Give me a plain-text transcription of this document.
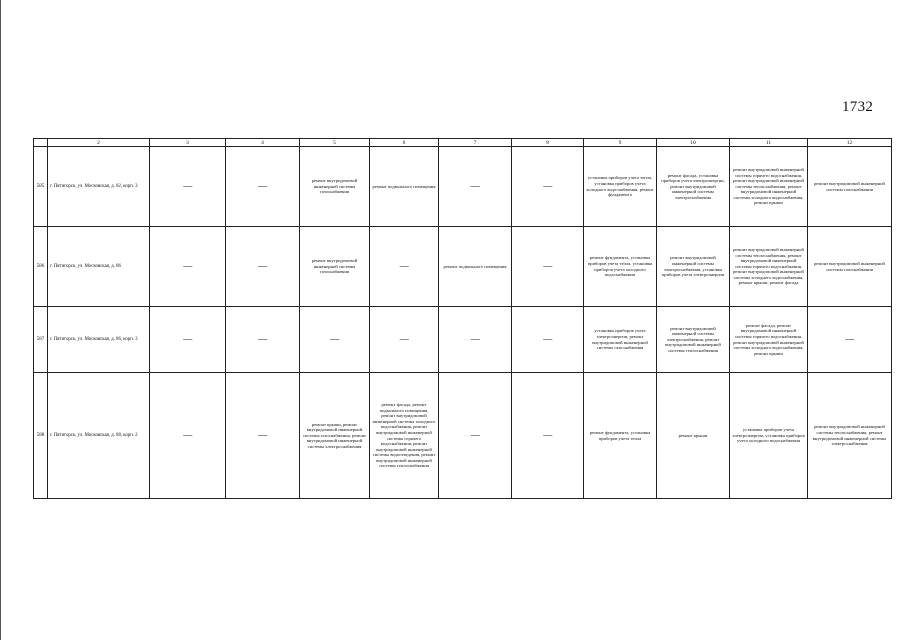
1732
	2	3	4	5	6	7	8	9	10	11	12
585	г. Пятигорск, ул. Московская, д. 82, корп. 3	—	—	ремонт внутридомовой инженерной системы газоснабжения	ремонт подвального помещения	—	—	установка приборов учета тепла, установка приборов учета холодного водоснабжения, ремонт фундамента	ремонт фасада, установка приборов учета электроэнергии, ремонт внутридомовой инженерной системы электроснабжения	ремонт внутридомовой инженерной системы горячего водоснабжения, ремонт внутридомовой инженерной системы теплоснабжения, ремонт внутридомовой инженерной системы холодного водоснабжения, ремонт крыши	ремонт внутридомовой инженерной системы газоснабжения
586	г. Пятигорск, ул. Московская, д. 86	—	—	ремонт внутридомовой инженерной системы газоснабжения	—	ремонт подвального помещения	—	ремонт фундамента, установка приборов учета тепла, установка приборов учета холодного водоснабжения	ремонт внутридомовой инженерной системы электроснабжения, установка приборов учета электроэнергии	ремонт внутридомовой инженерной системы теплоснабжения, ремонт внутридомовой инженерной системы горячего водоснабжения, ремонт внутридомовой инженерной системы холодного водоснабжения, ремонт крыши, ремонт фасада	ремонт внутридомовой инженерной системы газоснабжения
587	г. Пятигорск, ул. Московская, д. 86, корп. 3	—	—	—	—	—	—	установка приборов учета электроэнергии, ремонт внутридомовой инженерной системы газоснабжения	ремонт внутридомовой инженерной системы электроснабжения, ремонт внутридомовой инженерной системы теплоснабжения	ремонт фасада, ремонт внутридомовой инженерной системы горячего водоснабжения, ремонт внутридомовой инженерной системы холодного водоснабжения, ремонт крыши	—
588	г. Пятигорск, ул. Московская, д. 88, корп. 2	—	—	ремонт крыши, ремонт внутридомовой инженерной системы газоснабжения, ремонт внутридомовой инженерной системы электроснабжения	ремонт фасада, ремонт подвального помещения, ремонт внутридомовой инженерной системы холодного водоснабжения, ремонт внутридомовой инженерной системы горячего водоснабжения, ремонт внутридомовой инженерной системы водоотведения, ремонт внутридомовой инженерной системы теплоснабжения	—	—	ремонт фундамента, установка приборов учета тепла	ремонт крыши	установка приборов учета электроэнергии, установка приборов учета холодного водоснабжения	ремонт внутридомовой инженерной системы теплоснабжения, ремонт внутридомовой инженерной системы электроснабжения
